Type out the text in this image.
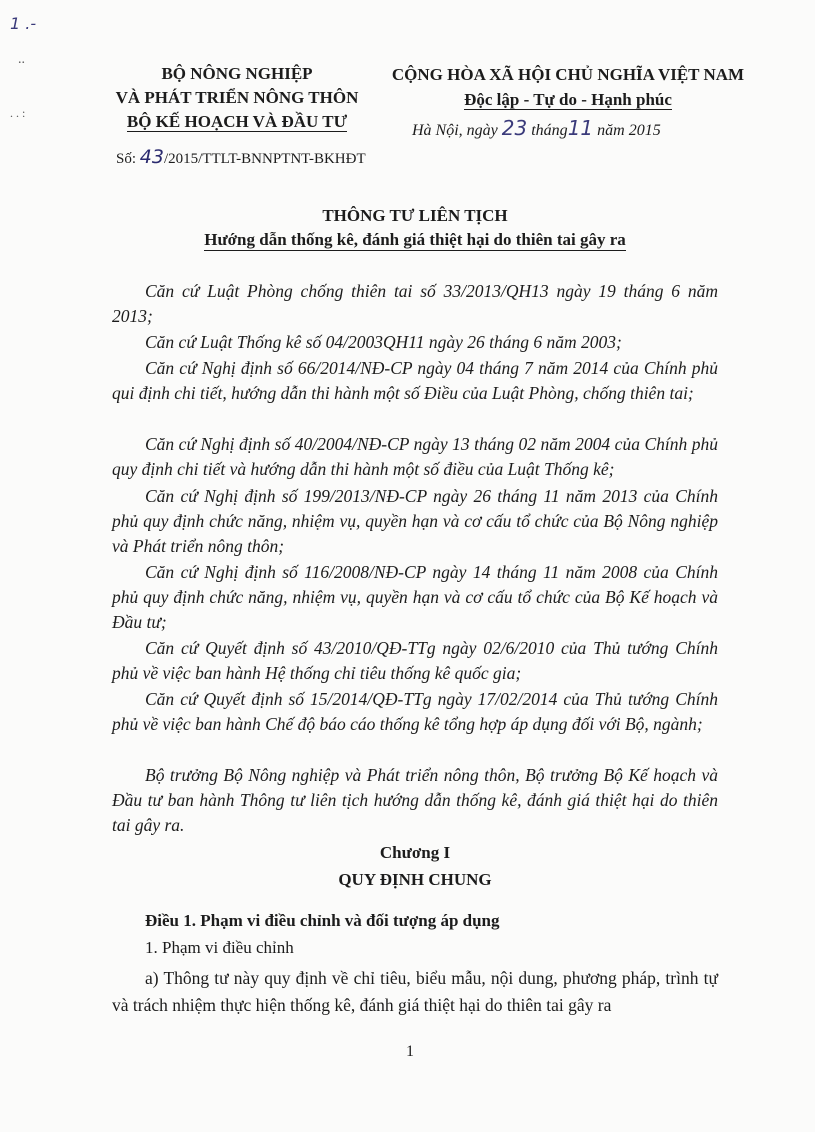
1 .-
..
. . :
BỘ NÔNG NGHIỆP
VÀ PHÁT TRIỂN NÔNG THÔN
BỘ KẾ HOẠCH VÀ ĐẦU TƯ
Số: 43/2015/TTLT-BNNPTNT-BKHĐT
CỘNG HÒA XÃ HỘI CHỦ NGHĨA VIỆT NAM
Độc lập - Tự do - Hạnh phúc
Hà Nội, ngày 23 tháng11 năm 2015
THÔNG TƯ LIÊN TỊCH
Hướng dẫn thống kê, đánh giá thiệt hại do thiên tai gây ra
Căn cứ Luật Phòng chống thiên tai số 33/2013/QH13 ngày 19 tháng 6 năm 2013;
Căn cứ Luật Thống kê số 04/2003QH11 ngày 26 tháng 6 năm 2003;
Căn cứ Nghị định số 66/2014/NĐ-CP ngày 04 tháng 7 năm 2014 của Chính phủ qui định chi tiết, hướng dẫn thi hành một số Điều của Luật Phòng, chống thiên tai;
Căn cứ Nghị định số 40/2004/NĐ-CP ngày 13 tháng 02 năm 2004 của Chính phủ quy định chi tiết và hướng dẫn thi hành một số điều của Luật Thống kê;
Căn cứ Nghị định số 199/2013/NĐ-CP ngày 26 tháng 11 năm 2013 của Chính phủ quy định chức năng, nhiệm vụ, quyền hạn và cơ cấu tổ chức của Bộ Nông nghiệp và Phát triển nông thôn;
Căn cứ Nghị định số 116/2008/NĐ-CP ngày 14 tháng 11 năm 2008 của Chính phủ quy định chức năng, nhiệm vụ, quyền hạn và cơ cấu tổ chức của Bộ Kế hoạch và Đầu tư;
Căn cứ Quyết định số 43/2010/QĐ-TTg ngày 02/6/2010 của Thủ tướng Chính phủ về việc ban hành Hệ thống chỉ tiêu thống kê quốc gia;
Căn cứ Quyết định số 15/2014/QĐ-TTg ngày 17/02/2014 của Thủ tướng Chính phủ về việc ban hành Chế độ báo cáo thống kê tổng hợp áp dụng đối với Bộ, ngành;
Bộ trưởng Bộ Nông nghiệp và Phát triển nông thôn, Bộ trưởng Bộ Kế hoạch và Đầu tư ban hành Thông tư liên tịch hướng dẫn thống kê, đánh giá thiệt hại do thiên tai gây ra.
Chương I
QUY ĐỊNH CHUNG
Điều 1. Phạm vi điều chỉnh và đối tượng áp dụng
1. Phạm vi điều chỉnh
a) Thông tư này quy định về chỉ tiêu, biểu mẫu, nội dung, phương pháp, trình tự và trách nhiệm thực hiện thống kê, đánh giá thiệt hại do thiên tai gây ra
1
